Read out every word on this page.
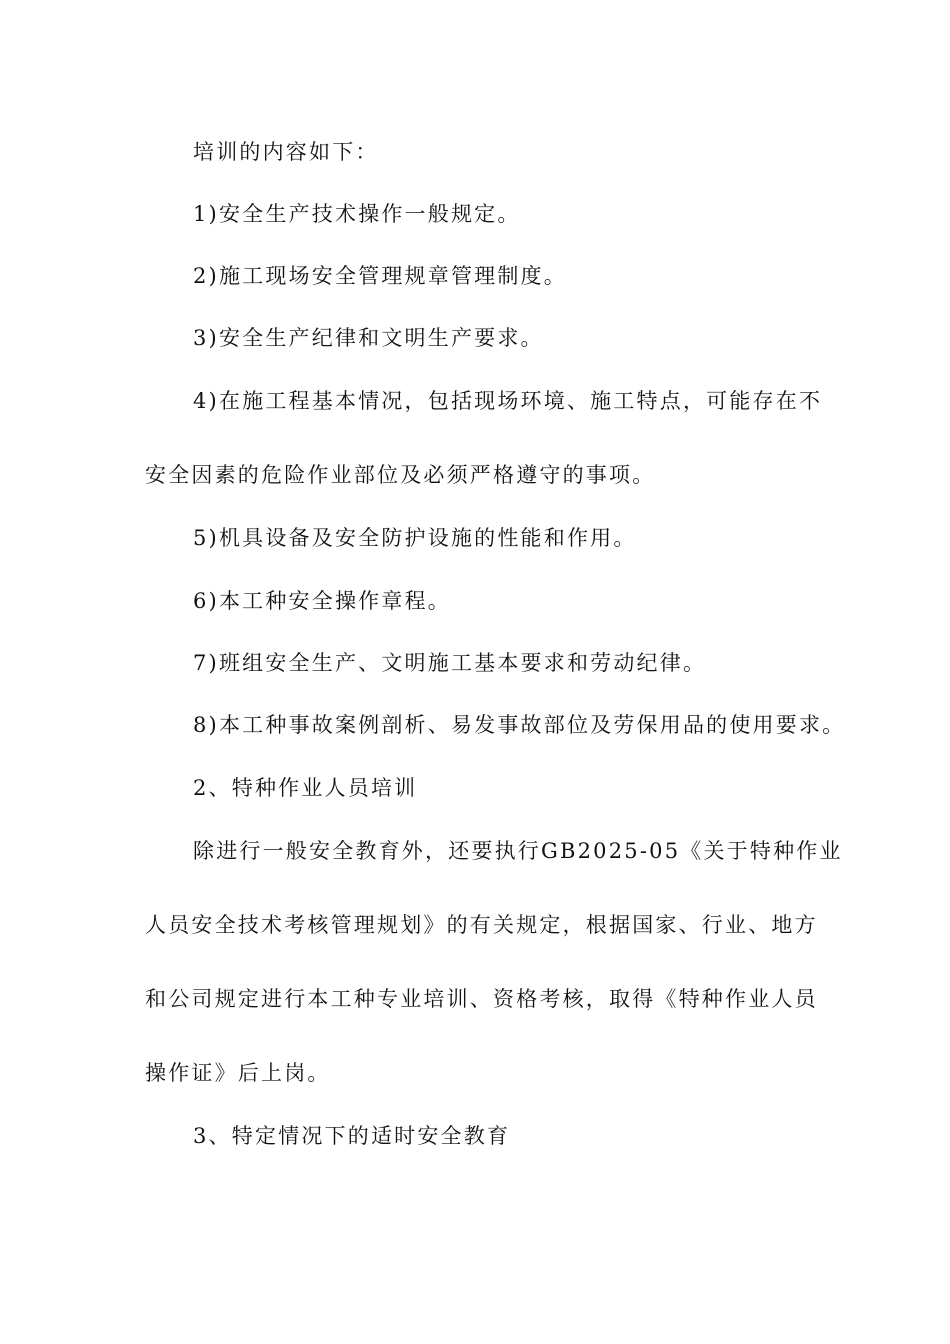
培训的内容如下：
1)安全生产技术操作一般规定。
2)施工现场安全管理规章管理制度。
3)安全生产纪律和文明生产要求。
4)在施工程基本情况，包括现场环境、施工特点，可能存在不
安全因素的危险作业部位及必须严格遵守的事项。
5)机具设备及安全防护设施的性能和作用。
6)本工种安全操作章程。
7)班组安全生产、文明施工基本要求和劳动纪律。
8)本工种事故案例剖析、易发事故部位及劳保用品的使用要求。
2、特种作业人员培训
除进行一般安全教育外，还要执行GB2025-05《关于特种作业
人员安全技术考核管理规划》的有关规定，根据国家、行业、地方
和公司规定进行本工种专业培训、资格考核，取得《特种作业人员
操作证》后上岗。
3、特定情况下的适时安全教育
